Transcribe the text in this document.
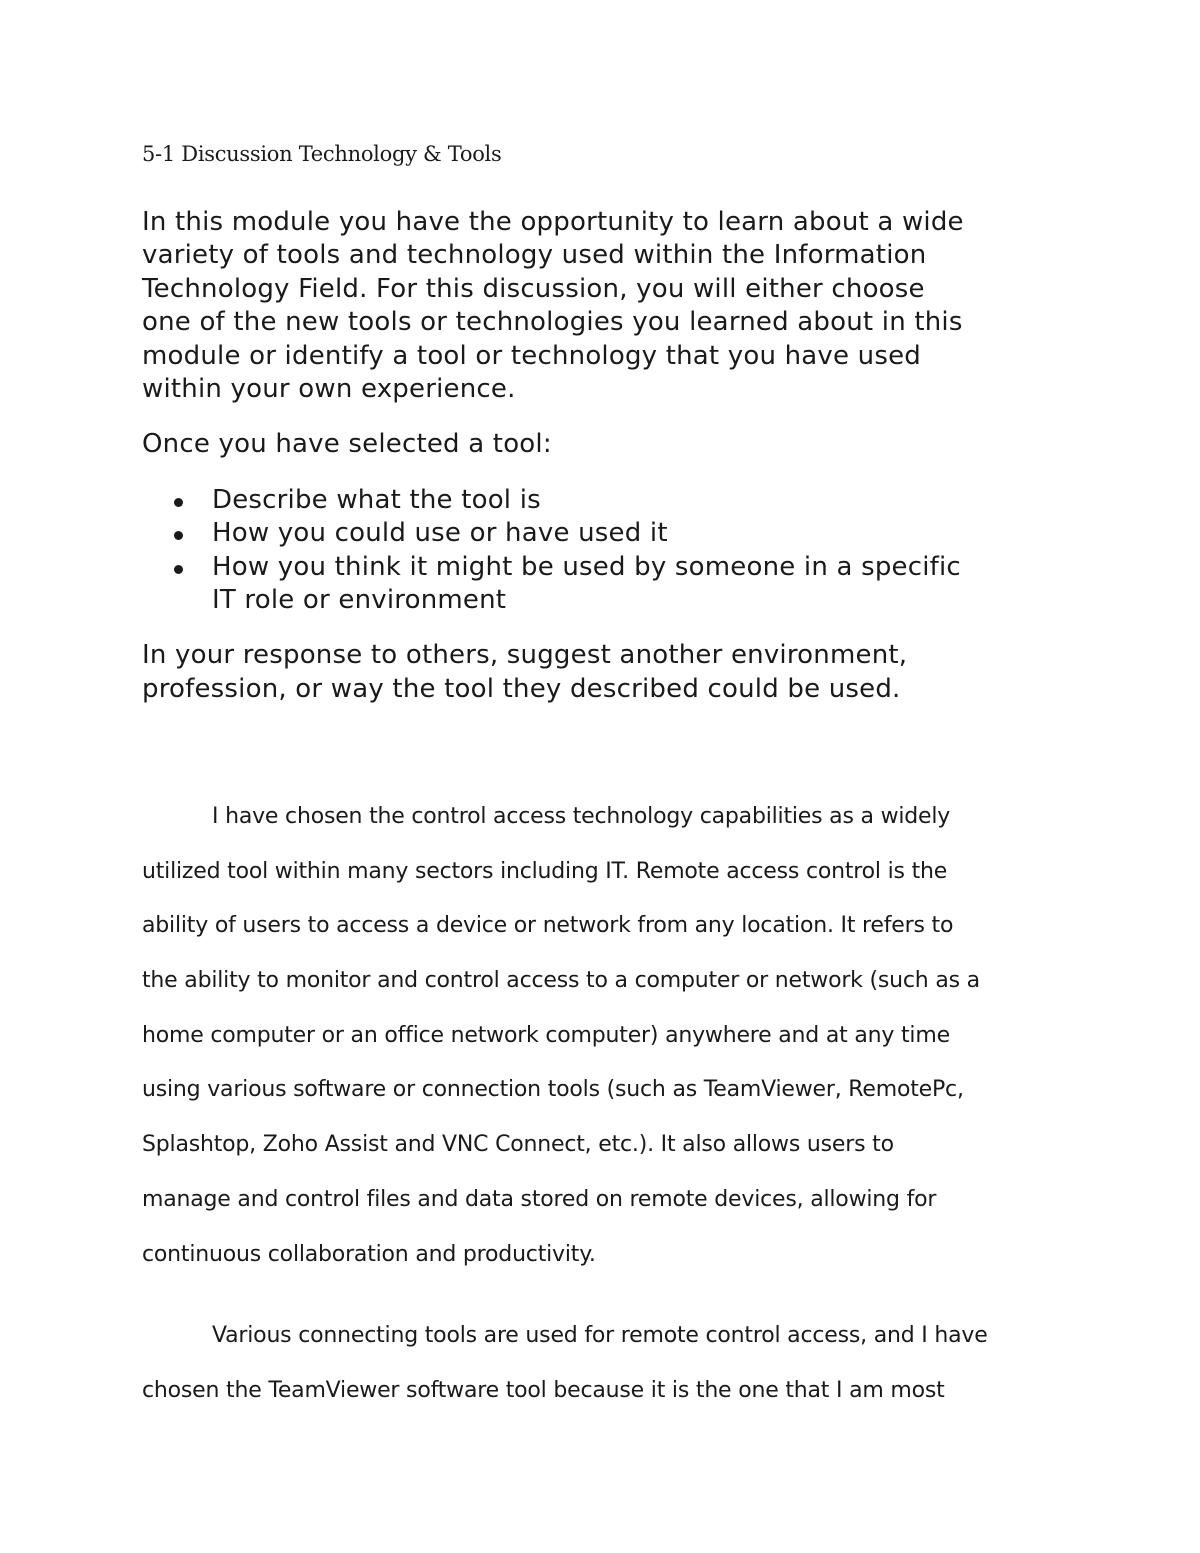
5-1 Discussion Technology & Tools

In this module you have the opportunity to learn about a wide
variety of tools and technology used within the Information
Technology Field. For this discussion, you will either choose
one of the new tools or technologies you learned about in this
module or identify a tool or technology that you have used
within your own experience.

Once you have selected a tool:

Describe what the tool is
How you could use or have used it
How you think it might be used by someone in a specific
IT role or environment

In your response to others, suggest another environment,
profession, or way the tool they described could be used.

I have chosen the control access technology capabilities as a widely
utilized tool within many sectors including IT. Remote access control is the
ability of users to access a device or network from any location. It refers to
the ability to monitor and control access to a computer or network (such as a
home computer or an office network computer) anywhere and at any time
using various software or connection tools (such as TeamViewer, RemotePc,
Splashtop, Zoho Assist and VNC Connect, etc.). It also allows users to
manage and control files and data stored on remote devices, allowing for
continuous collaboration and productivity.
Various connecting tools are used for remote control access, and I have
chosen the TeamViewer software tool because it is the one that I am most
